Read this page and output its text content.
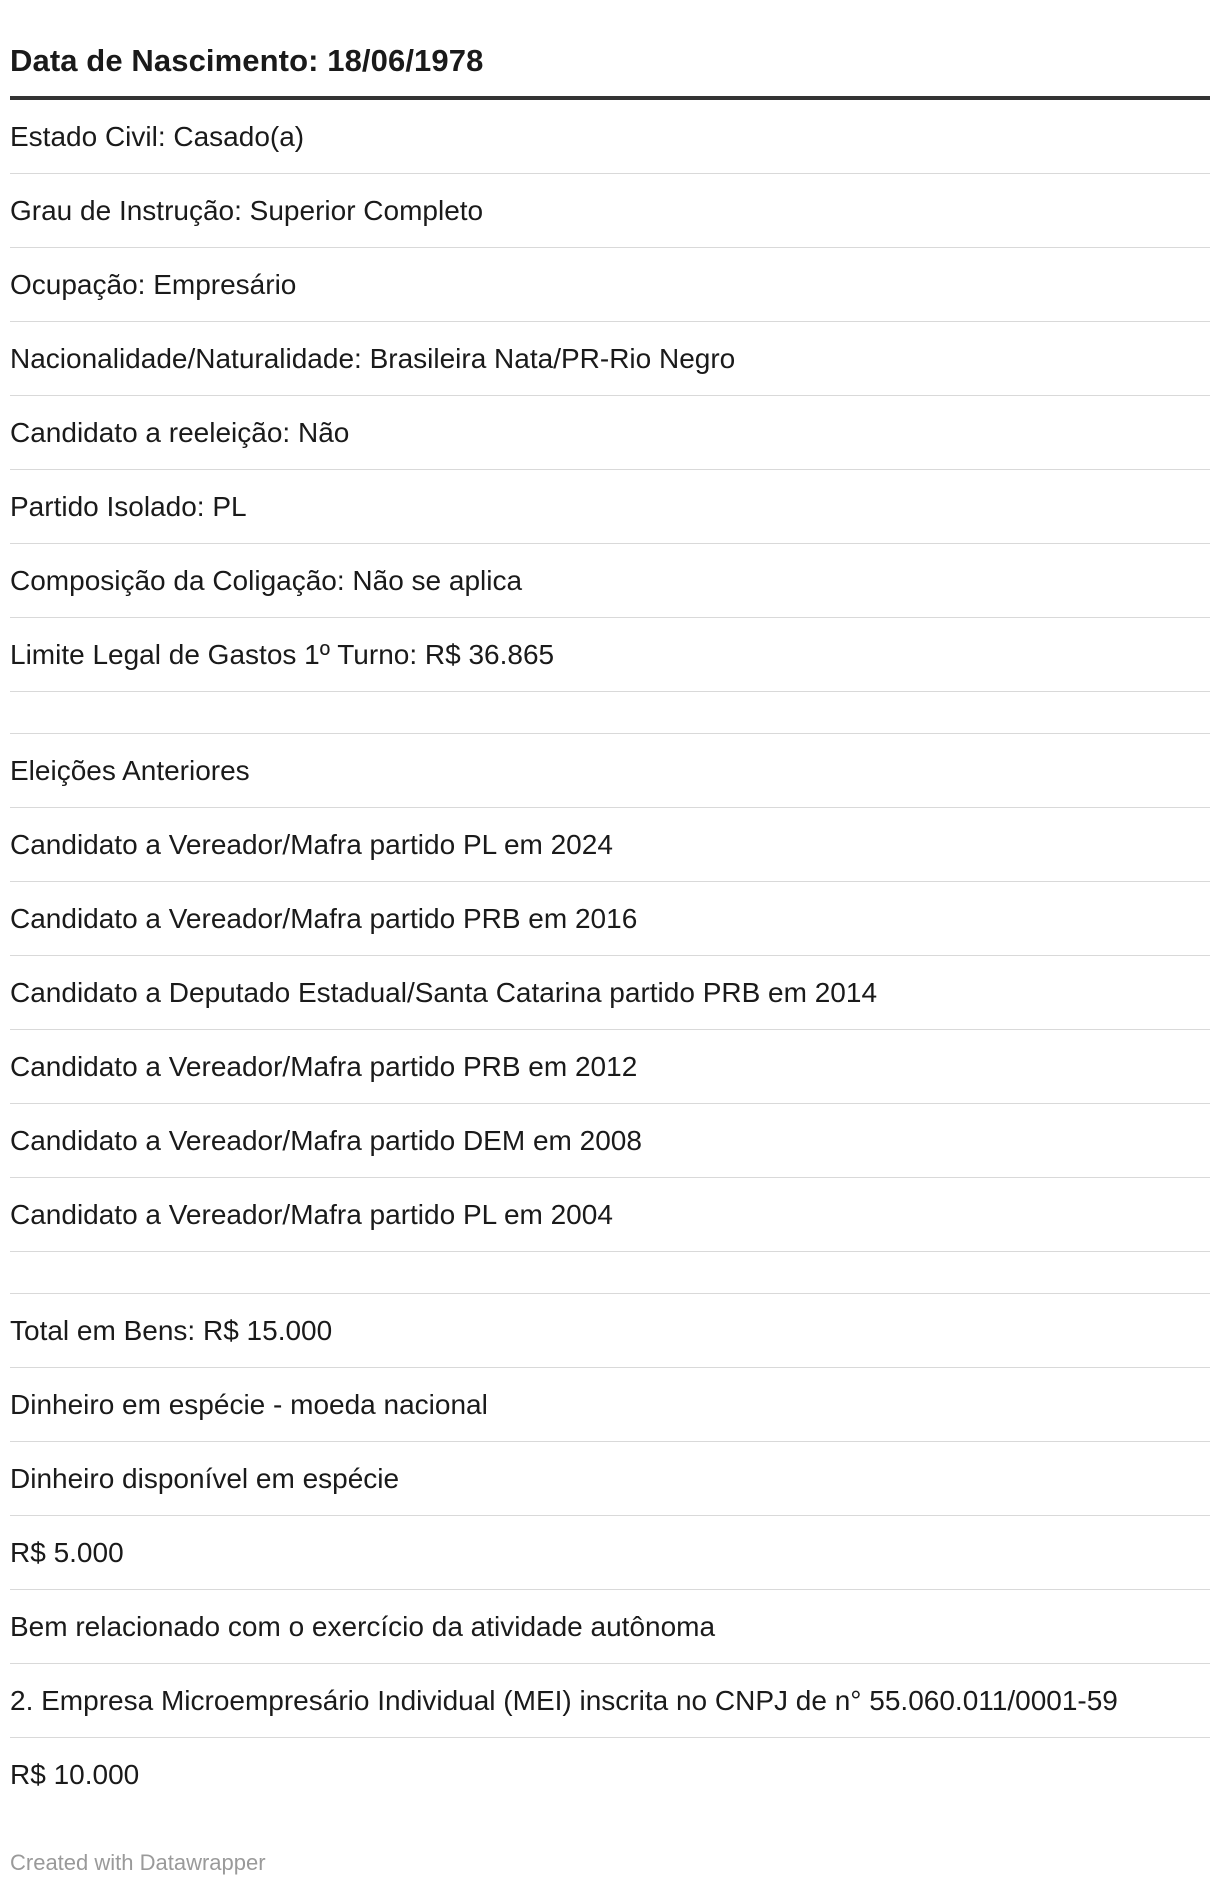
Data de Nascimento: 18/06/1978
Estado Civil: Casado(a)
Grau de Instrução: Superior Completo
Ocupação: Empresário
Nacionalidade/Naturalidade: Brasileira Nata/PR-Rio Negro
Candidato a reeleição: Não
Partido Isolado: PL
Composição da Coligação: Não se aplica
Limite Legal de Gastos 1º Turno: R$ 36.865
Eleições Anteriores
Candidato a Vereador/Mafra partido PL em 2024
Candidato a Vereador/Mafra partido PRB em 2016
Candidato a Deputado Estadual/Santa Catarina partido PRB em 2014
Candidato a Vereador/Mafra partido PRB em 2012
Candidato a Vereador/Mafra partido DEM em 2008
Candidato a Vereador/Mafra partido PL em 2004
Total em Bens: R$ 15.000
Dinheiro em espécie - moeda nacional
Dinheiro disponível em espécie
R$ 5.000
Bem relacionado com o exercício da atividade autônoma
2. Empresa Microempresário Individual (MEI) inscrita no CNPJ de n° 55.060.011/0001-59
R$ 10.000
Created with Datawrapper
